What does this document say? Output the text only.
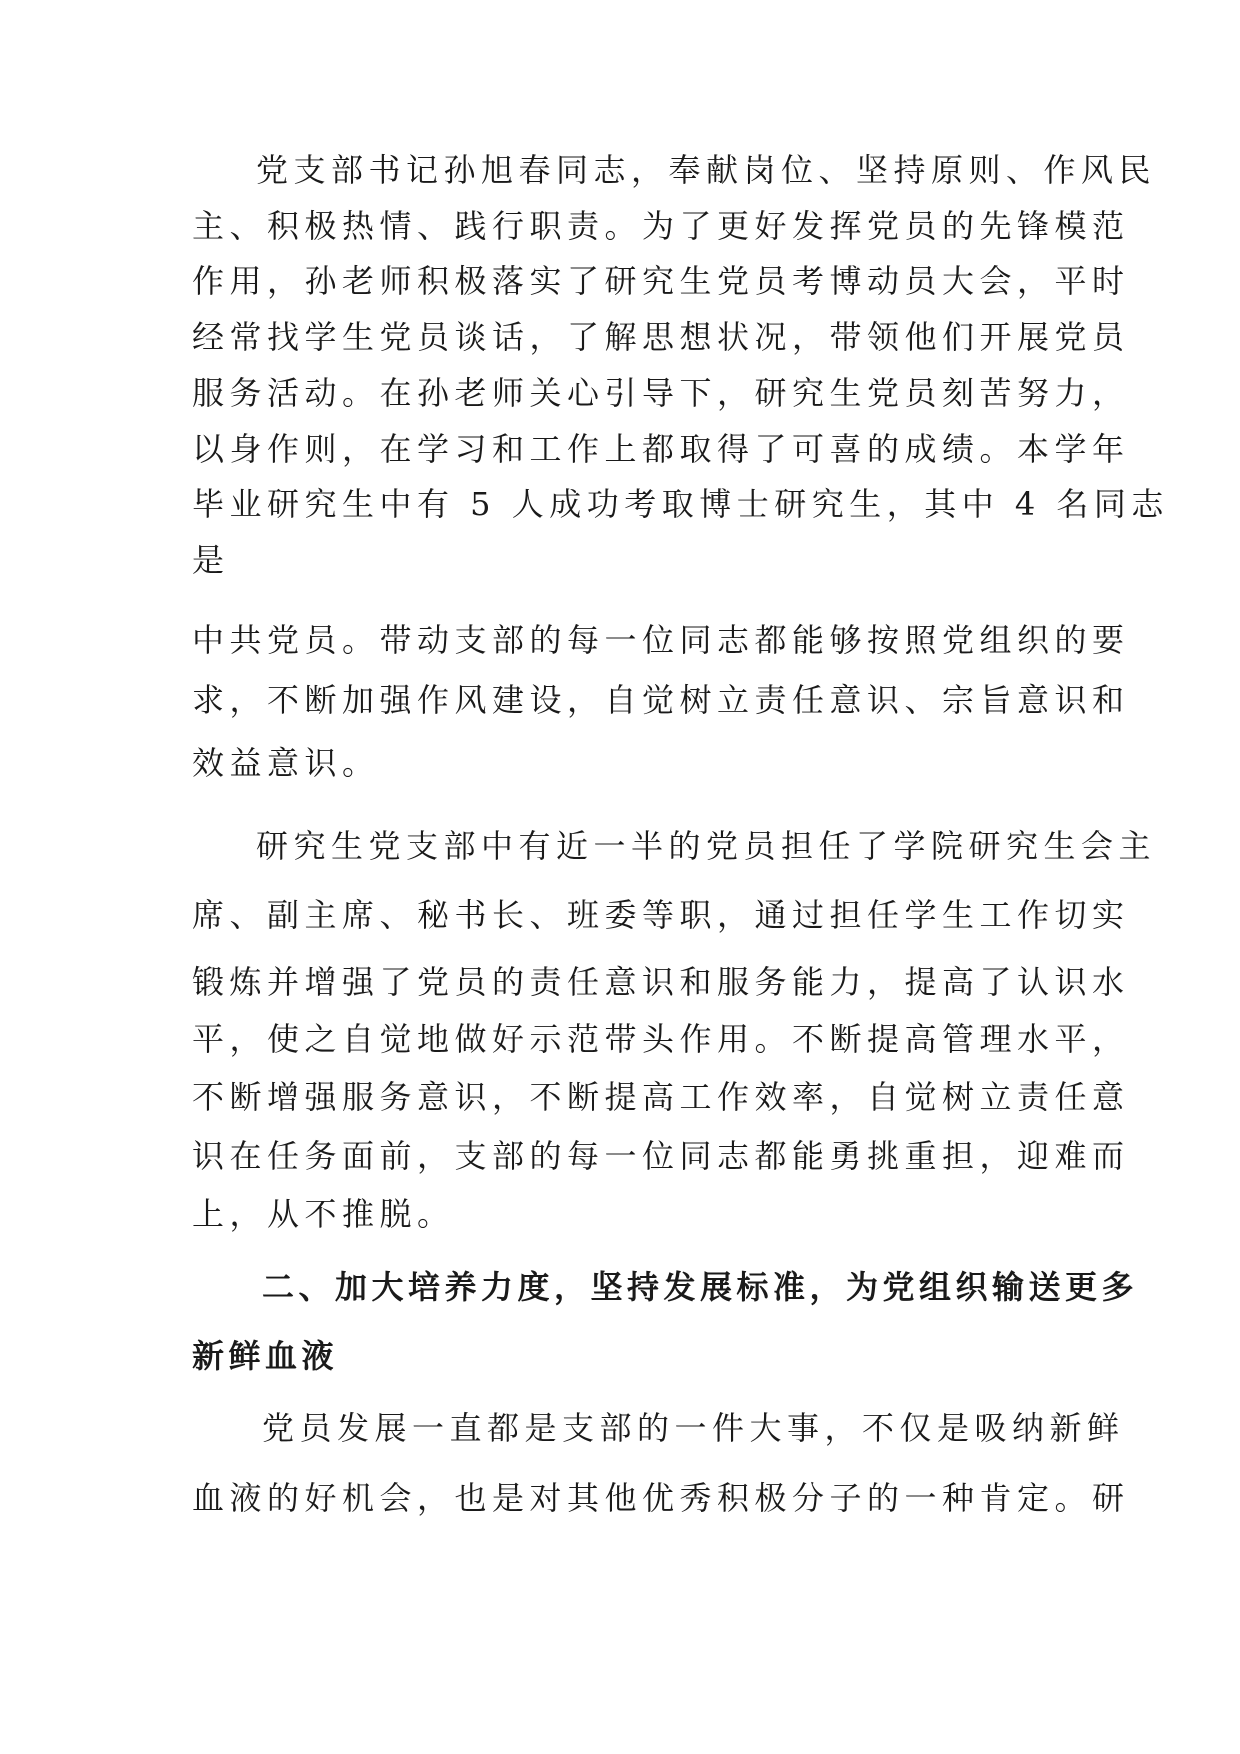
党支部书记孙旭春同志，奉献岗位、坚持原则、作风民
主、积极热情、践行职责。为了更好发挥党员的先锋模范
作用，孙老师积极落实了研究生党员考博动员大会，平时
经常找学生党员谈话，了解思想状况，带领他们开展党员
服务活动。在孙老师关心引导下，研究生党员刻苦努力，
以身作则，在学习和工作上都取得了可喜的成绩。本学年
毕业研究生中有 5 人成功考取博士研究生，其中 4 名同志
是
中共党员。带动支部的每一位同志都能够按照党组织的要
求，不断加强作风建设，自觉树立责任意识、宗旨意识和
效益意识。
研究生党支部中有近一半的党员担任了学院研究生会主
席、副主席、秘书长、班委等职，通过担任学生工作切实
锻炼并增强了党员的责任意识和服务能力，提高了认识水
平，使之自觉地做好示范带头作用。不断提高管理水平，
不断增强服务意识，不断提高工作效率，自觉树立责任意
识在任务面前，支部的每一位同志都能勇挑重担，迎难而
上，从不推脱。
二、加大培养力度，坚持发展标准，为党组织输送更多
新鲜血液
党员发展一直都是支部的一件大事，不仅是吸纳新鲜
血液的好机会，也是对其他优秀积极分子的一种肯定。研
